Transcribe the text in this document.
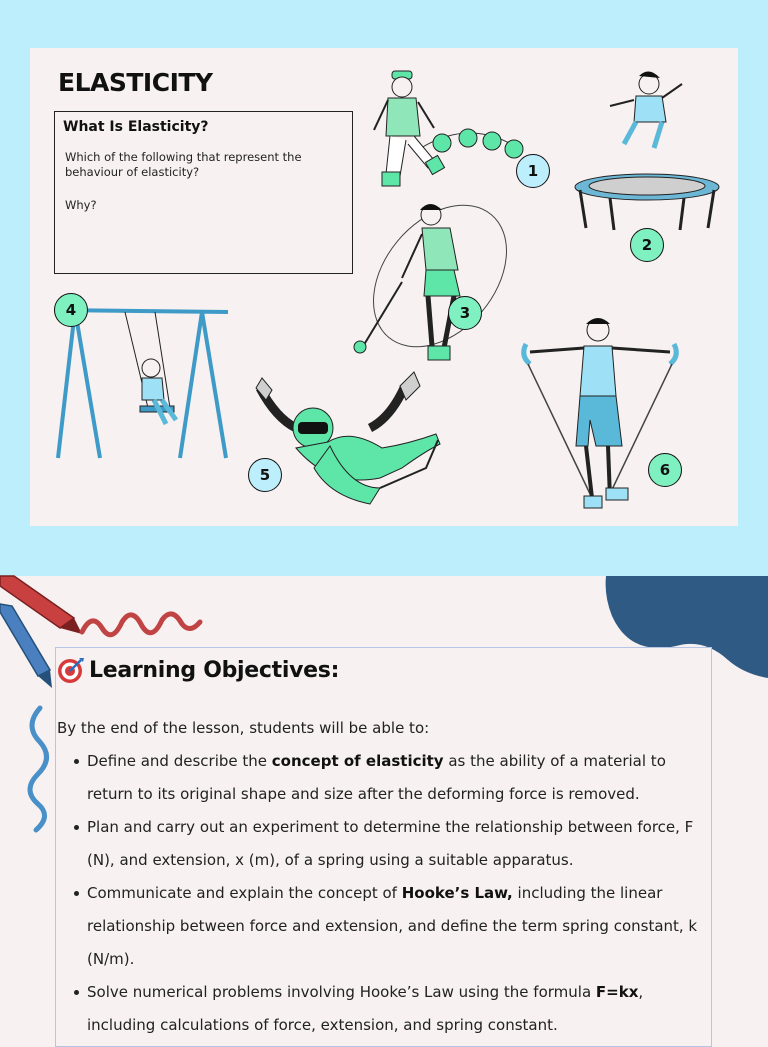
ELASTICITY
What Is Elasticity?
Which of the following that represent the behaviour of elasticity?
Why?
1
2
3
4
5	6
Learning Objectives:
By the end of the lesson, students will be able to:
Define and describe the concept of elasticity as the ability of a material to return to its original shape and size after the deforming force is removed.
Plan and carry out an experiment to determine the relationship between force, F (N), and extension, x (m), of a spring using a suitable apparatus.
Communicate and explain the concept of Hooke’s Law, including the linear relationship between force and extension, and define the term spring constant, k (N/m).
Solve numerical problems involving Hooke’s Law using the formula F=kx, including calculations of force, extension, and spring constant.
